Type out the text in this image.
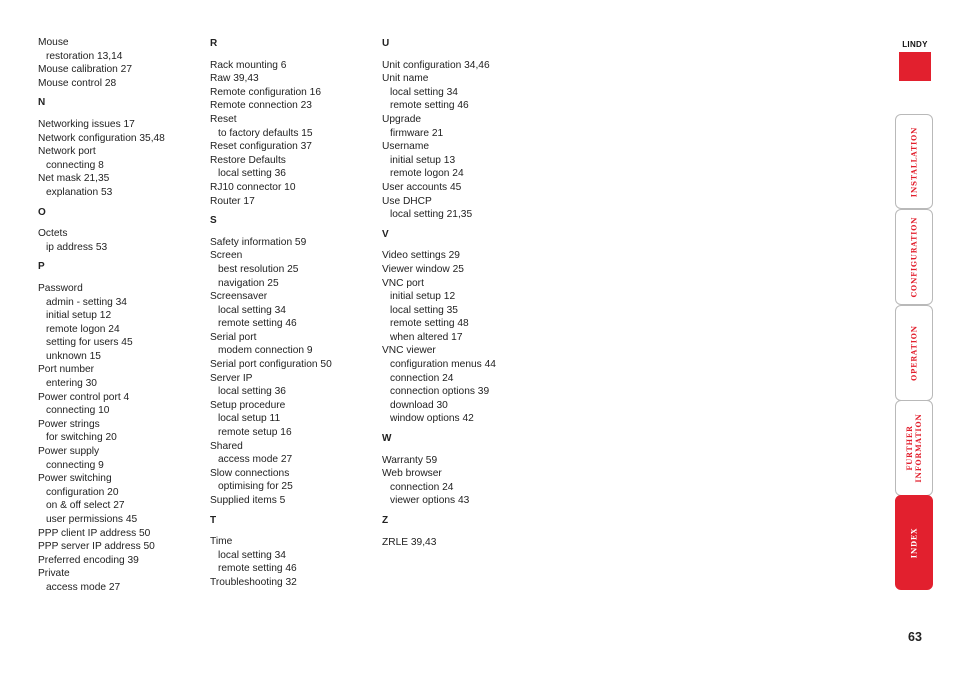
Mouse
restoration 13,14
Mouse calibration 27
Mouse control 28
N
Networking issues 17
Network configuration 35,48
Network port
connecting 8
Net mask 21,35
explanation 53
O
Octets
ip address 53
P
Password
admin - setting 34
initial setup 12
remote logon 24
setting for users 45
unknown 15
Port number
entering 30
Power control port 4
connecting 10
Power strings
for switching 20
Power supply
connecting 9
Power switching
configuration 20
on & off select 27
user permissions 45
PPP client IP address 50
PPP server IP address 50
Preferred encoding 39
Private
access mode 27
R
Rack mounting 6
Raw 39,43
Remote configuration 16
Remote connection 23
Reset
to factory defaults 15
Reset configuration 37
Restore Defaults
local setting 36
RJ10 connector 10
Router 17
S
Safety information 59
Screen
best resolution 25
navigation 25
Screensaver
local setting 34
remote setting 46
Serial port
modem connection 9
Serial port configuration 50
Server IP
local setting 36
Setup procedure
local setup 11
remote setup 16
Shared
access mode 27
Slow connections
optimising for 25
Supplied items 5
T
Time
local setting 34
remote setting 46
Troubleshooting 32
U
Unit configuration 34,46
Unit name
local setting 34
remote setting 46
Upgrade
firmware 21
Username
initial setup 13
remote logon 24
User accounts 45
Use DHCP
local setting 21,35
V
Video settings 29
Viewer window 25
VNC port
initial setup 12
local setting 35
remote setting 48
when altered 17
VNC viewer
configuration menus 44
connection 24
connection options 39
download 30
window options 42
W
Warranty 59
Web browser
connection 24
viewer options 43
Z
ZRLE 39,43
LINDY
INSTALLATION
CONFIGURATION
OPERATION
FURTHER INFORMATION
INDEX
63
